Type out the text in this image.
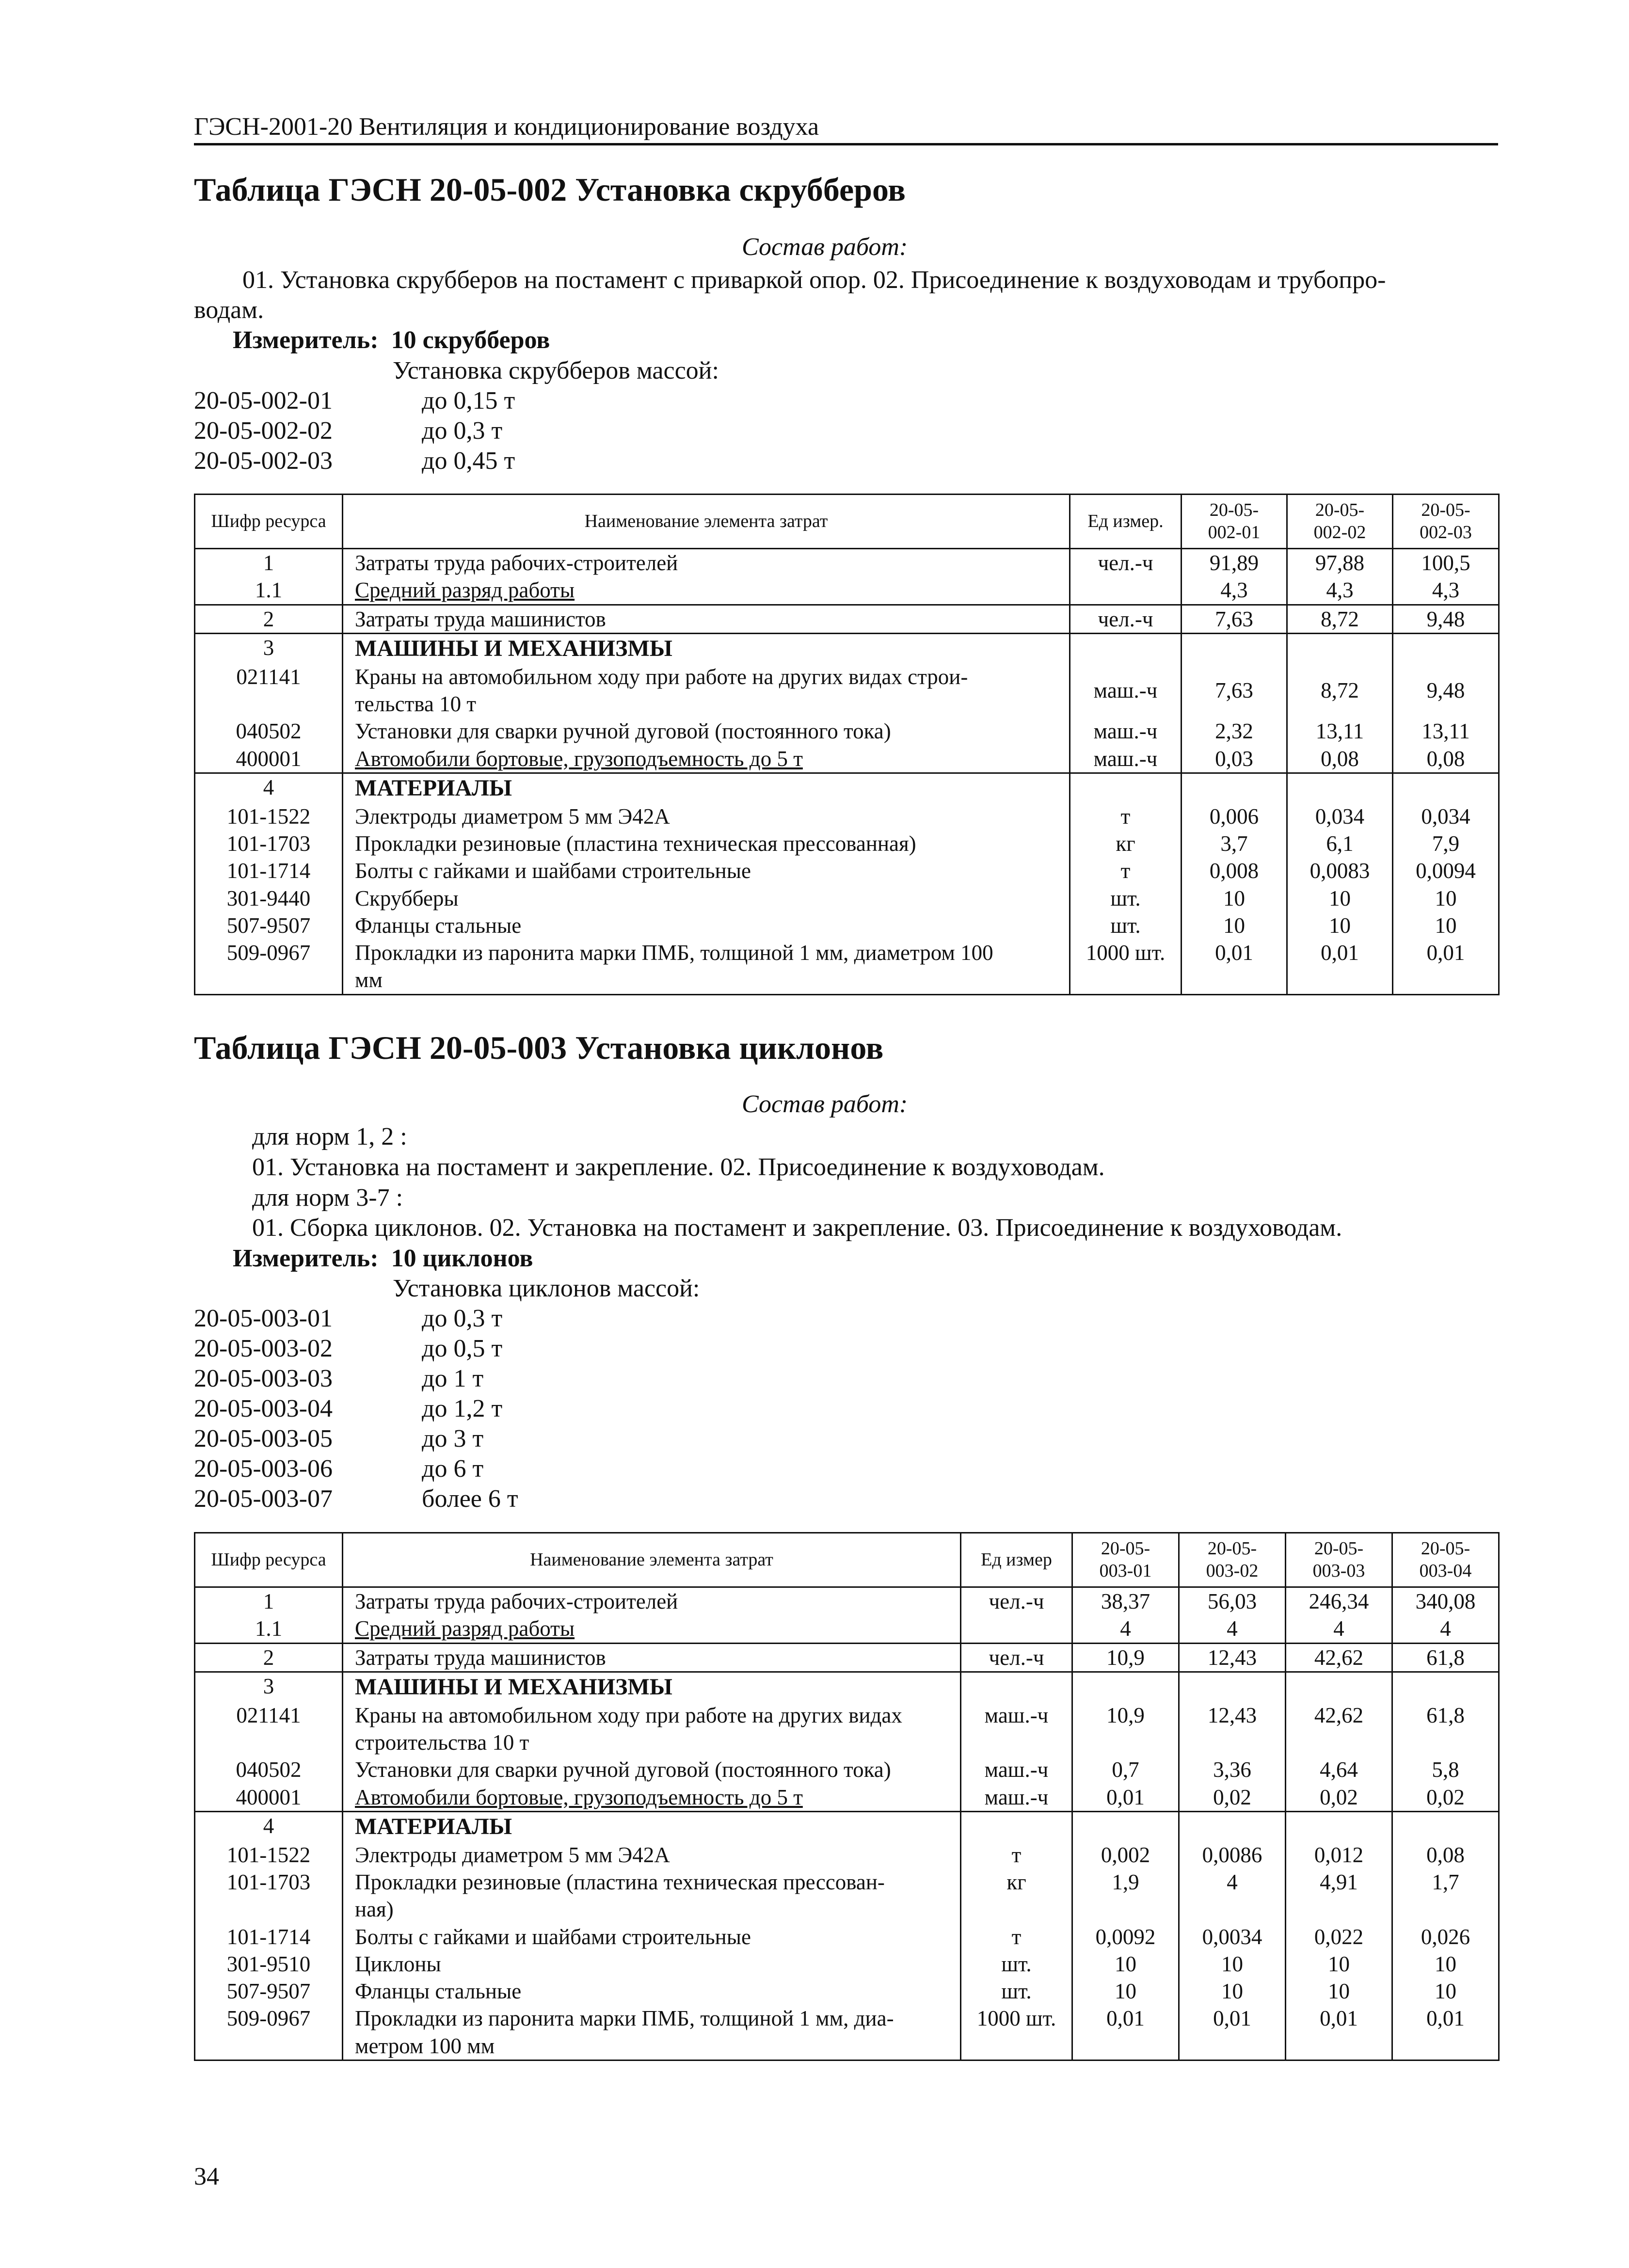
ГЭСН-2001-20 Вентиляция и кондиционирование воздуха
Таблица ГЭСН 20-05-002 Установка скрубберов
Состав работ:
01. Установка скрубберов на постамент с приваркой опор. 02. Присоединение к воздуховодам и трубопро-
водам.
Измеритель: 10 скрубберов
Установка скрубберов массой:
20-05-002-01	до 0,15 т
20-05-002-02	до 0,3 т
20-05-002-03	до 0,45 т
Шифр ресурса	Наименование элемента затрат	Ед измер.	20-05-
002-01	20-05-
002-02	20-05-
002-03
1	Затраты труда рабочих-строителей	чел.-ч	91,89	97,88	100,5
1.1	Средний разряд работы		4,3	4,3	4,3
2	Затраты труда машинистов	чел.-ч	7,63	8,72	9,48
3	МАШИНЫ И МЕХАНИЗМЫ				
021141	Краны на автомобильном ходу при работе на других видах строи-
тельства 10 т	маш.-ч	7,63	8,72	9,48
040502	Установки для сварки ручной дуговой (постоянного тока)	маш.-ч	2,32	13,11	13,11
400001	Автомобили бортовые, грузоподъемность до 5 т	маш.-ч	0,03	0,08	0,08
4	МАТЕРИАЛЫ				
101-1522	Электроды диаметром 5 мм Э42А	т	0,006	0,034	0,034
101-1703	Прокладки резиновые (пластина техническая прессованная)	кг	3,7	6,1	7,9
101-1714	Болты с гайками и шайбами строительные	т	0,008	0,0083	0,0094
301-9440	Скрубберы	шт.	10	10	10
507-9507	Фланцы стальные	шт.	10	10	10
509-0967	Прокладки из паронита марки ПМБ, толщиной 1 мм, диаметром 100
мм	1000 шт.	0,01	0,01	0,01
Таблица ГЭСН 20-05-003 Установка циклонов
Состав работ:
для норм 1, 2 :
01. Установка на постамент и закрепление. 02. Присоединение к воздуховодам.
для норм 3-7 :
01. Сборка циклонов. 02. Установка на постамент и закрепление. 03. Присоединение к воздуховодам.
Измеритель: 10 циклонов
Установка циклонов массой:
20-05-003-01	до 0,3 т
20-05-003-02	до 0,5 т
20-05-003-03	до 1 т
20-05-003-04	до 1,2 т
20-05-003-05	до 3 т
20-05-003-06	до 6 т
20-05-003-07	более 6 т
Шифр ресурса	Наименование элемента затрат	Ед измер	20-05-
003-01	20-05-
003-02	20-05-
003-03	20-05-
003-04
1	Затраты труда рабочих-строителей	чел.-ч	38,37	56,03	246,34	340,08
1.1	Средний разряд работы		4	4	4	4
2	Затраты труда машинистов	чел.-ч	10,9	12,43	42,62	61,8
3	МАШИНЫ И МЕХАНИЗМЫ					
021141	Краны на автомобильном ходу при работе на других видах
строительства 10 т	маш.-ч	10,9	12,43	42,62	61,8
040502	Установки для сварки ручной дуговой (постоянного тока)	маш.-ч	0,7	3,36	4,64	5,8
400001	Автомобили бортовые, грузоподъемность до 5 т	маш.-ч	0,01	0,02	0,02	0,02
4	МАТЕРИАЛЫ					
101-1522	Электроды диаметром 5 мм Э42А	т	0,002	0,0086	0,012	0,08
101-1703	Прокладки резиновые (пластина техническая прессован-
ная)	кг	1,9	4	4,91	1,7
101-1714	Болты с гайками и шайбами строительные	т	0,0092	0,0034	0,022	0,026
301-9510	Циклоны	шт.	10	10	10	10
507-9507	Фланцы стальные	шт.	10	10	10	10
509-0967	Прокладки из паронита марки ПМБ, толщиной 1 мм, диа-
метром 100 мм	1000 шт.	0,01	0,01	0,01	0,01
34
